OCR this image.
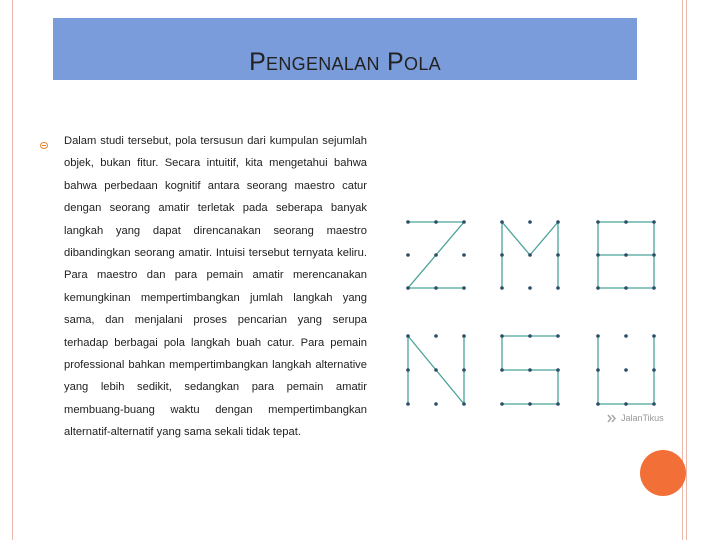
PENGENALAN POLA
Dalam studi tersebut, pola tersusun dari kumpulan sejumlah objek, bukan fitur. Secara intuitif, kita mengetahui bahwa bahwa perbedaan kognitif antara seorang maestro catur dengan seorang amatir terletak pada seberapa banyak langkah yang dapat direncanakan seorang maestro dibandingkan seorang amatir. Intuisi tersebut ternyata keliru. Para maestro dan para pemain amatir merencanakan kemungkinan mempertimbangkan jumlah langkah yang sama, dan menjalani proses pencarian yang serupa terhadap berbagai pola langkah buah catur. Para pemain professional bahkan mempertimbangkan langkah alternative yang lebih sedikit, sedangkan para pemain amatir membuang-buang waktu dengan mempertimbangkan alternatif-alternatif yang sama sekali tidak tepat.
JalanTikus
